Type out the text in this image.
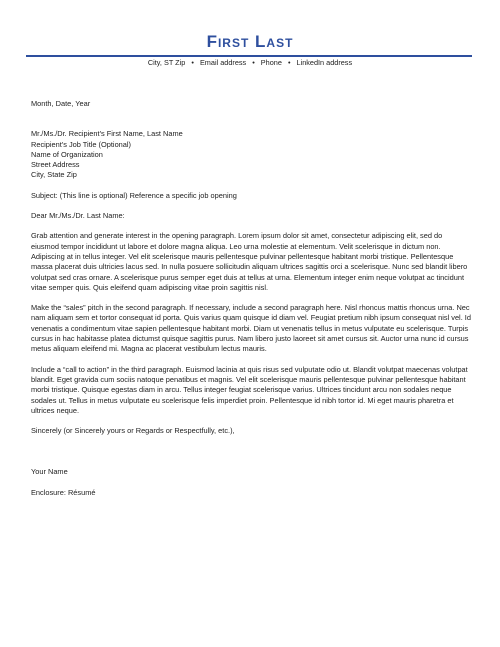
First Last
City, ST Zip • Email address • Phone • LinkedIn address

Month, Date, Year

Mr./Ms./Dr. Recipient's First Name, Last Name
Recipient's Job Title (Optional)
Name of Organization
Street Address
City, State Zip

Subject: (This line is optional) Reference a specific job opening

Dear Mr./Ms./Dr. Last Name:

Grab attention and generate interest in the opening paragraph. Lorem ipsum dolor sit amet, consectetur adipiscing elit, sed do eiusmod tempor incididunt ut labore et dolore magna aliqua. Leo urna molestie at elementum. Velit scelerisque in dictum non. Adipiscing at in tellus integer. Vel elit scelerisque mauris pellentesque pulvinar pellentesque habitant morbi tristique. Pellentesque massa placerat duis ultricies lacus sed. In nulla posuere sollicitudin aliquam ultrices sagittis orci a scelerisque. Nunc sed blandit libero volutpat sed cras ornare. A scelerisque purus semper eget duis at tellus at urna. Elementum integer enim neque volutpat ac tincidunt vitae semper quis. Quis eleifend quam adipiscing vitae proin sagittis nisl.

Make the “sales” pitch in the second paragraph. If necessary, include a second paragraph here. Nisl rhoncus mattis rhoncus urna. Nec nam aliquam sem et tortor consequat id porta. Quis varius quam quisque id diam vel. Feugiat pretium nibh ipsum consequat nisl vel. Id venenatis a condimentum vitae sapien pellentesque habitant morbi. Diam ut venenatis tellus in metus vulputate eu scelerisque. Turpis cursus in hac habitasse platea dictumst quisque sagittis purus. Nam libero justo laoreet sit amet cursus sit. Auctor urna nunc id cursus metus aliquam eleifend mi. Magna ac placerat vestibulum lectus mauris.

Include a “call to action” in the third paragraph. Euismod lacinia at quis risus sed vulputate odio ut. Blandit volutpat maecenas volutpat blandit. Eget gravida cum sociis natoque penatibus et magnis. Vel elit scelerisque mauris pellentesque pulvinar pellentesque habitant morbi tristique. Quisque egestas diam in arcu. Tellus integer feugiat scelerisque varius. Ultrices tincidunt arcu non sodales neque sodales ut. Tellus in metus vulputate eu scelerisque felis imperdiet proin. Pellentesque id nibh tortor id. Mi eget mauris pharetra et ultrices neque.

Sincerely (or Sincerely yours or Regards or Respectfully, etc.),

Your Name

Enclosure: Résumé
